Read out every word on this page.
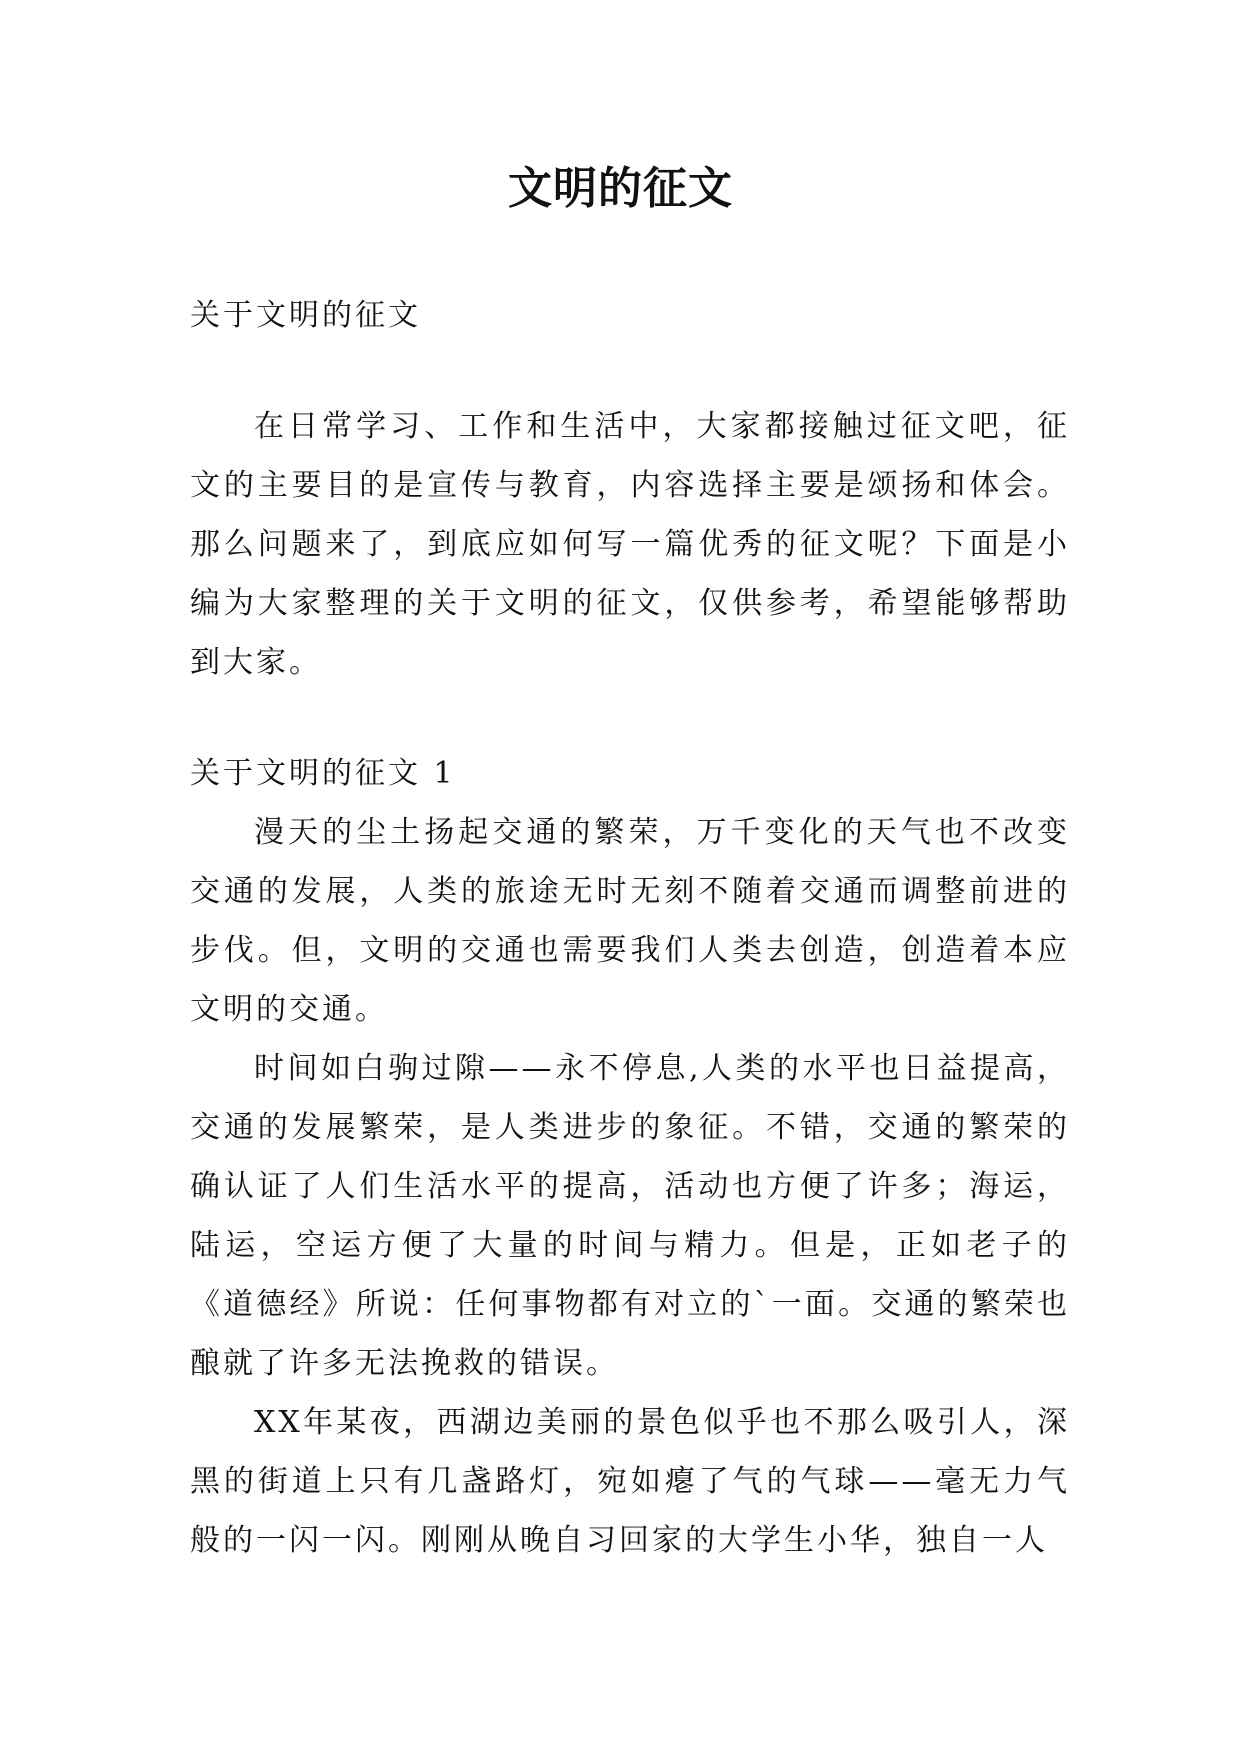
文明的征文
关于文明的征文

在日常学习、工作和生活中，大家都接触过征文吧，征文的主要目的是宣传与教育，内容选择主要是颂扬和体会。那么问题来了，到底应如何写一篇优秀的征文呢？下面是小编为大家整理的关于文明的征文，仅供参考，希望能够帮助到大家。

关于文明的征文 1

漫天的尘土扬起交通的繁荣，万千变化的天气也不改变交通的发展，人类的旅途无时无刻不随着交通而调整前进的步伐。但，文明的交通也需要我们人类去创造，创造着本应文明的交通。

时间如白驹过隙——永不停息,人类的水平也日益提高，交通的发展繁荣，是人类进步的象征。不错，交通的繁荣的确认证了人们生活水平的提高，活动也方便了许多；海运，陆运，空运方便了大量的时间与精力。但是，正如老子的《道德经》所说：任何事物都有对立的`一面。交通的繁荣也酿就了许多无法挽救的错误。

XX年某夜，西湖边美丽的景色似乎也不那么吸引人，深黑的街道上只有几盏路灯，宛如瘪了气的气球——毫无力气般的一闪一闪。刚刚从晚自习回家的大学生小华，独自一人
